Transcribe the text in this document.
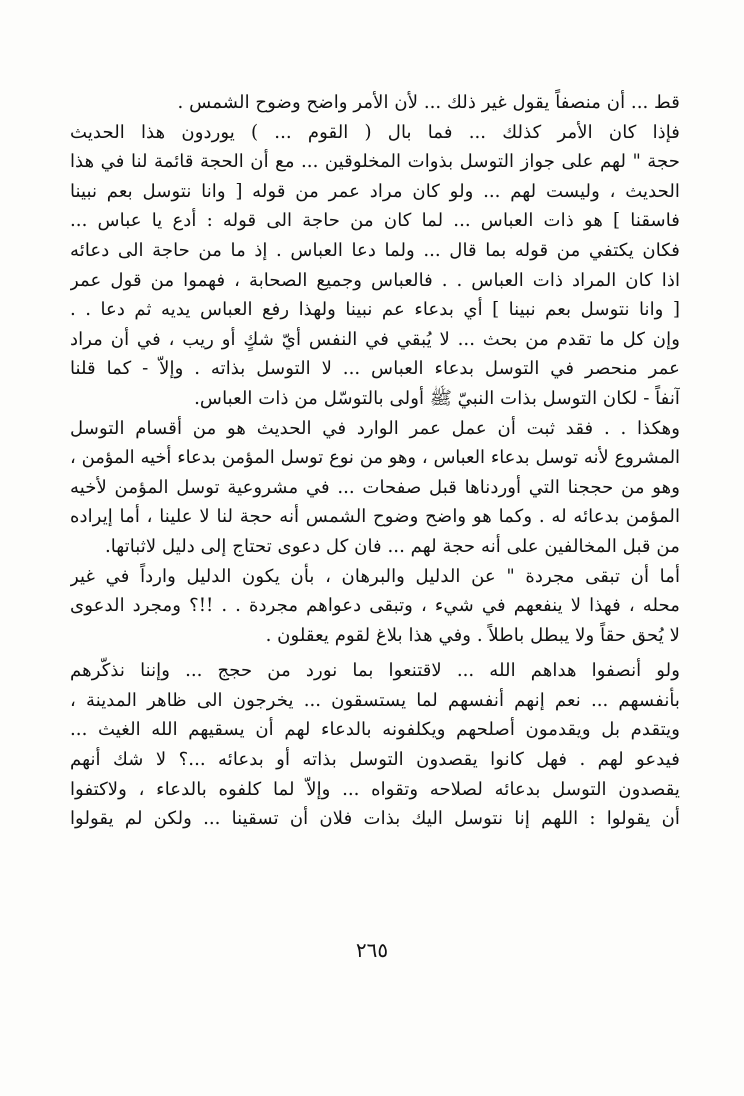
قط ... أن منصفاً يقول غير ذلك ... لأن الأمر واضح وضوح الشمس .
فإذا كان الأمر كذلك ... فما بال ( القوم ... ) يوردون هذا الحديث
حجة " لهم على جواز التوسل بذوات المخلوقين ... مع أن الحجة قائمة لنا في هذا
الحديث ، وليست لهم ... ولو كان مراد عمر من قوله [ وانا نتوسل بعم نبينا
فاسقنا ] هو ذات العباس ... لما كان من حاجة الى قوله : أدع يا عباس ...
فكان يكتفي من قوله بما قال ... ولما دعا العباس . إذ ما من حاجة الى دعائه
اذا كان المراد ذات العباس . . فالعباس وجميع الصحابة ، فهموا من قول عمر
[ وانا نتوسل بعم نبينا ] أي بدعاء عم نبينا ولهذا رفع العباس يديه ثم دعا . .
وإن كل ما تقدم من بحث ... لا يُبقي في النفس أيّ شكٍ أو ريب ، في أن مراد
عمر منحصر في التوسل بدعاء العباس ... لا التوسل بذاته . وإلاّ - كما قلنا
آنفاً - لكان التوسل بذات النبيّ ﷺ أولى بالتوسّل من ذات العباس.
وهكذا . . فقد ثبت أن عمل عمر الوارد في الحديث هو من أقسام التوسل
المشروع لأنه توسل بدعاء العباس ، وهو من نوع توسل المؤمن بدعاء أخيه المؤمن ،
وهو من حججنا التي أوردناها قبل صفحات ... في مشروعية توسل المؤمن لأخيه
المؤمن بدعائه له . وكما هو واضح وضوح الشمس أنه حجة لنا لا علينا ، أما إيراده
من قبل المخالفين على أنه حجة لهم ... فان كل دعوى تحتاج إلى دليل لاثباتها.
أما أن تبقى مجردة " عن الدليل والبرهان ، بأن يكون الدليل وارداً في غير
محله ، فهذا لا ينفعهم في شيء ، وتبقى دعواهم مجردة . . !!؟ ومجرد الدعوى
لا يُحق حقاً ولا يبطل باطلاً . وفي هذا بلاغ لقوم يعقلون .
ولو أنصفوا هداهم الله ... لاقتنعوا بما نورد من حجج ... وإننا نذكّرهم
بأنفسهم ... نعم إنهم أنفسهم لما يستسقون ... يخرجون الى ظاهر المدينة ،
ويتقدم بل ويقدمون أصلحهم ويكلفونه بالدعاء لهم أن يسقيهم الله الغيث ...
فيدعو لهم . فهل كانوا يقصدون التوسل بذاته أو بدعائه ...؟ لا شك أنهم
يقصدون التوسل بدعائه لصلاحه وتقواه ... وإلاّ لما كلفوه بالدعاء ، ولاكتفوا
أن يقولوا : اللهم إنا نتوسل اليك بذات فلان أن تسقينا ... ولكن لم يقولوا
٢٦٥
